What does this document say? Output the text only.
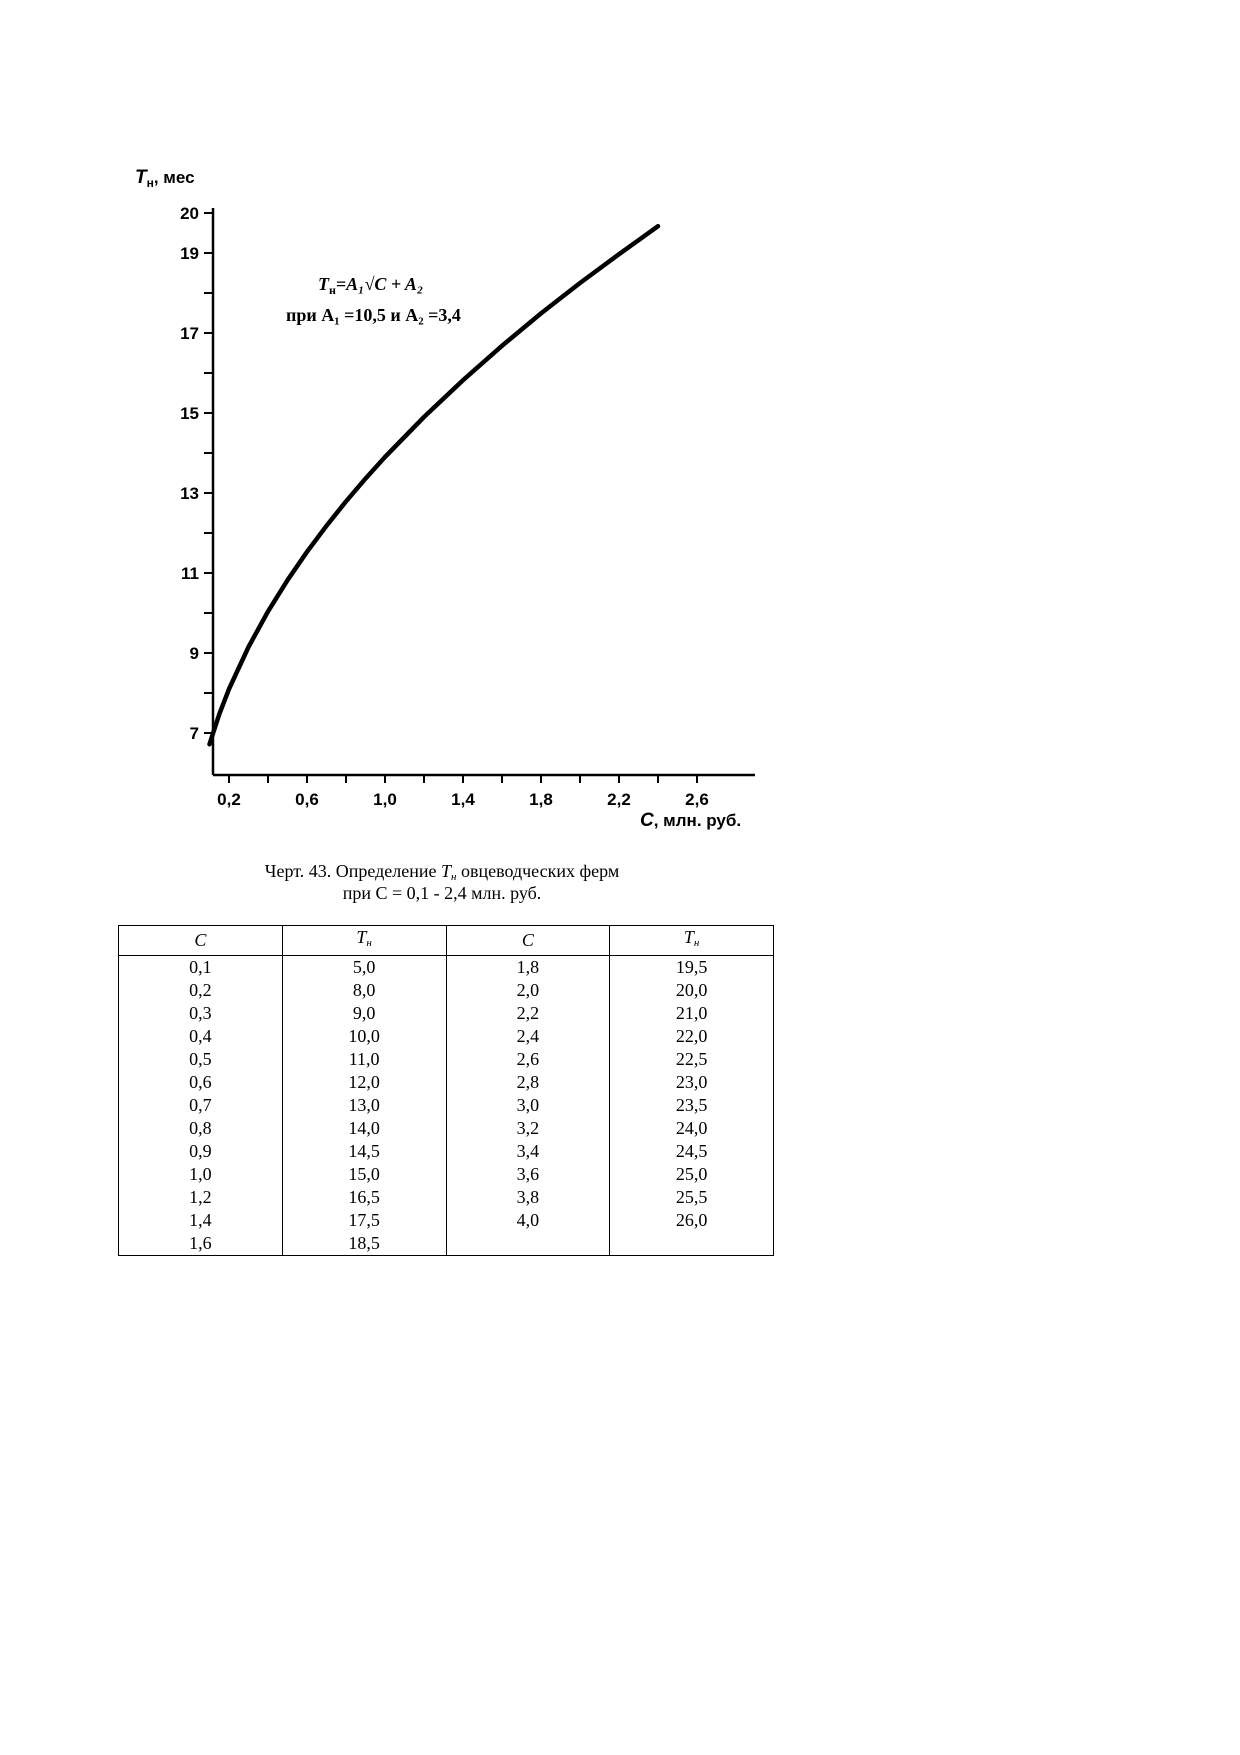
0,2	0,6	1,0	1,4	1,8	2,2	2,6
20
19
17
15
13
11
9
7
$T_н$, мес
C, млн. руб.
$T_н=A_1√C + A_2$
при A₁ =10,5 и A₂ =3,4
Черт. 43. Определение $T_н$ овцеводческих ферм
при С = 0,1 - 2,4 млн. руб.
C	$T_н$	C	$T_н$
0,1	5,0	1,8	19,5
0,2	8,0	2,0	20,0
0,3	9,0	2,2	21,0
0,4	10,0	2,4	22,0
0,5	11,0	2,6	22,5
0,6	12,0	2,8	23,0
0,7	13,0	3,0	23,5
0,8	14,0	3,2	24,0
0,9	14,5	3,4	24,5
1,0	15,0	3,6	25,0
1,2	16,5	3,8	25,5
1,4	17,5	4,0	26,0
1,6	18,5		
